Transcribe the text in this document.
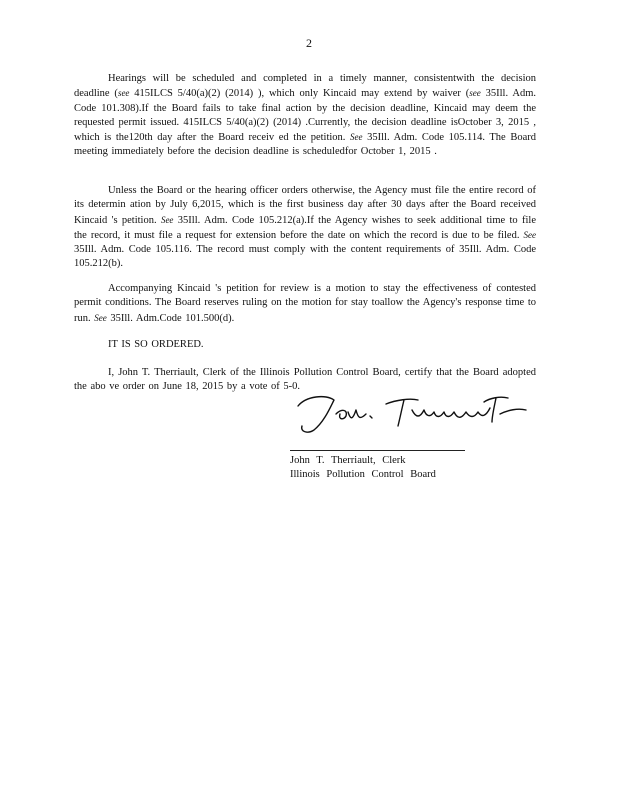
2

Hearings will be scheduled and completed in a timely manner, consistentwith the decision deadline (see 415ILCS 5/40(a)(2) (2014) ), which only Kincaid may extend by waiver (see 35Ill. Adm. Code 101.308).If the Board fails to take final action by the decision deadline, Kincaid may deem the requested permit issued. 415ILCS 5/40(a)(2) (2014) .Currently, the decision deadline isOctober 3, 2015 , which is the120th day after the Board receiv ed the petition. See 35Ill. Adm. Code 105.114. The Board meeting immediately before the decision deadline is scheduledfor October 1, 2015 .

Unless the Board or the hearing officer orders otherwise, the Agency must file the entire record of its determin ation by July 6,2015, which is the first business day after 30 days after the Board received Kincaid 's petition. See 35Ill. Adm. Code 105.212(a).If the Agency wishes to seek additional time to file the record, it must file a request for extension before the date on which the record is due to be filed. See 35Ill. Adm. Code 105.116. The record must comply with the content requirements of 35Ill. Adm. Code 105.212(b).

Accompanying Kincaid 's petition for review is a motion to stay the effectiveness of contested permit conditions. The Board reserves ruling on the motion for stay toallow the Agency's response time to run. See 35Ill. Adm.Code 101.500(d).

IT IS SO ORDERED.

I, John T. Therriault, Clerk of the Illinois Pollution Control Board, certify that the Board adopted the abo ve order on June 18, 2015 by a vote of 5-0.

John T. Therriault, Clerk
Illinois Pollution Control Board
